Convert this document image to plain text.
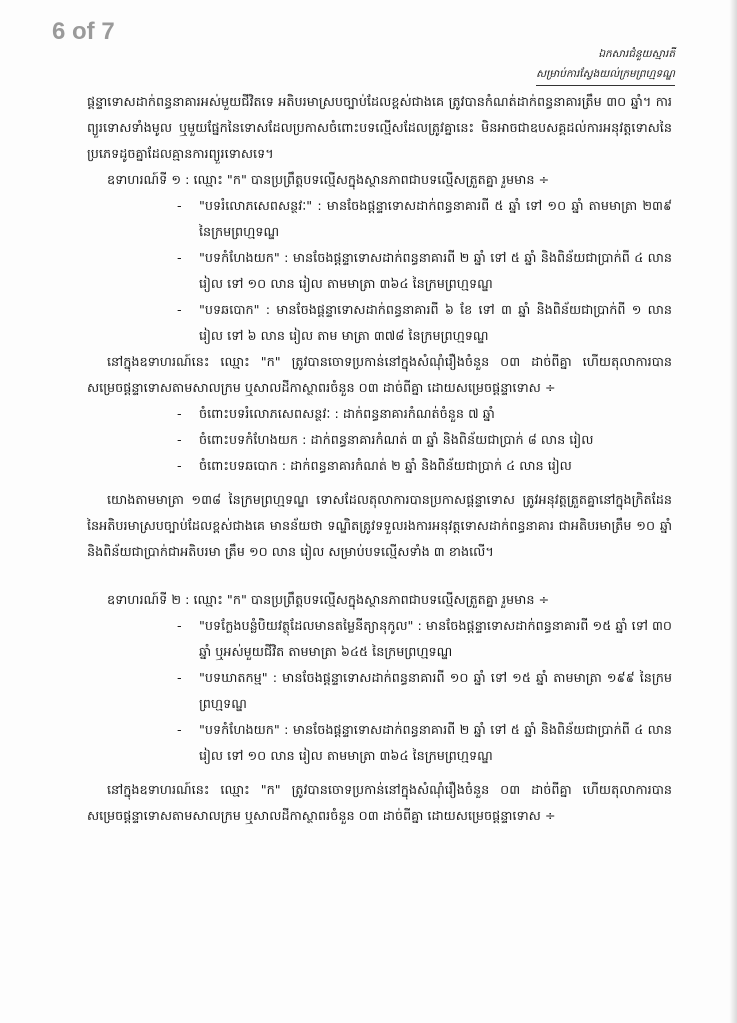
6 of 7
ឯកសារជំនួយស្មារតី
សម្រាប់ការស្វែងយល់ក្រមព្រហ្មទណ្ឌ

ផ្តន្ទាទោសដាក់ពន្ធនាគារអស់មួយជីវិតទេ អតិបរមាស្របច្បាប់ដែលខ្ពស់ជាងគេ ត្រូវបានកំណត់ដាក់ពន្ធនាគារត្រឹម ៣០ ឆ្នាំ។ ការព្យួរទោសទាំងមូល ឬមួយផ្នែកនៃទោសដែលប្រកាសចំពោះបទល្មើសដែលត្រូវគ្នានេះ មិនអាចជាឧបសគ្គដល់ការអនុវត្តទោសនៃប្រភេទដូចគ្នាដែលគ្មានការព្យួរទោសទេ។

ឧទាហរណ៍ទី ១ : ឈ្មោះ "ក" បានប្រព្រឹត្តបទល្មើសក្នុងស្ថានភាពជាបទល្មើសត្រួតគ្នា រួមមាន ÷

- "បទរំលោភសេពសន្ថវៈ" : មានចែងផ្តន្ទាទោសដាក់ពន្ធនាគារពី ៥ ឆ្នាំ ទៅ ១០ ឆ្នាំ តាមមាត្រា ២៣៩ នៃក្រមព្រហ្មទណ្ឌ
- "បទកំហែងយក" : មានចែងផ្តន្ទាទោសដាក់ពន្ធនាគារពី ២ ឆ្នាំ ទៅ ៥ ឆ្នាំ និងពិន័យជាប្រាក់ពី ៤ លាន រៀល ទៅ ១០ លាន រៀល តាមមាត្រា ៣៦៤ នៃក្រមព្រហ្មទណ្ឌ
- "បទឆបោក" : មានចែងផ្តន្ទាទោសដាក់ពន្ធនាគារពី ៦ ខែ ទៅ ៣ ឆ្នាំ និងពិន័យជាប្រាក់ពី ១ លាន រៀល ទៅ ៦ លាន រៀល តាម មាត្រា ៣៧៨ នៃក្រមព្រហ្មទណ្ឌ

នៅក្នុងឧទាហរណ៍នេះ ឈ្មោះ "ក" ត្រូវបានចោទប្រកាន់នៅក្នុងសំណុំរឿងចំនួន ០៣ ដាច់ពីគ្នា ហើយតុលាការបានសម្រេចផ្តន្ទាទោសតាមសាលក្រម ឬសាលដីកាស្ថាពរចំនួន ០៣ ដាច់ពីគ្នា ដោយសម្រេចផ្តន្ទាទោស ÷

- ចំពោះបទរំលោភសេពសន្ថវៈ : ដាក់ពន្ធនាគារកំណត់ចំនួន ៧ ឆ្នាំ
- ចំពោះបទកំហែងយក : ដាក់ពន្ធនាគារកំណត់ ៣ ឆ្នាំ និងពិន័យជាប្រាក់ ៨ លាន រៀល
- ចំពោះបទឆបោក : ដាក់ពន្ធនាគារកំណត់ ២ ឆ្នាំ និងពិន័យជាប្រាក់ ៤ លាន រៀល

យោងតាមមាត្រា ១៣៨ នៃក្រមព្រហ្មទណ្ឌ ទោសដែលតុលាការបានប្រកាសផ្តន្ទាទោស ត្រូវអនុវត្តត្រួតគ្នានៅក្នុងក្រិតដែននៃអតិបរមាស្របច្បាប់ដែលខ្ពស់ជាងគេ មានន័យថា ទណ្ឌិតត្រូវទទួលរងការអនុវត្តទោសដាក់ពន្ធនាគារ ជាអតិបរមាត្រឹម ១០ ឆ្នាំ និងពិន័យជាប្រាក់ជាអតិបរមា ត្រឹម ១០ លាន រៀល សម្រាប់បទល្មើសទាំង ៣ ខាងលើ។

ឧទាហរណ៍ទី ២ : ឈ្មោះ "ក" បានប្រព្រឹត្តបទល្មើសក្នុងស្ថានភាពជាបទល្មើសត្រួតគ្នា រួមមាន ÷

- "បទក្លែងបន្លំបិយវត្ថុដែលមានតម្លៃនីត្យានុកូល" : មានចែងផ្តន្ទាទោសដាក់ពន្ធនាគារពី ១៥ ឆ្នាំ ទៅ ៣០ ឆ្នាំ ឬអស់មួយជីវិត តាមមាត្រា ៦៤៥ នៃក្រមព្រហ្មទណ្ឌ
- "បទឃាតកម្ម" : មានចែងផ្តន្ទាទោសដាក់ពន្ធនាគារពី ១០ ឆ្នាំ ទៅ ១៥ ឆ្នាំ តាមមាត្រា ១៩៩ នៃក្រមព្រហ្មទណ្ឌ
- "បទកំហែងយក" : មានចែងផ្តន្ទាទោសដាក់ពន្ធនាគារពី ២ ឆ្នាំ ទៅ ៥ ឆ្នាំ និងពិន័យជាប្រាក់ពី ៤ លាន រៀល ទៅ ១០ លាន រៀល តាមមាត្រា ៣៦៤ នៃក្រមព្រហ្មទណ្ឌ

នៅក្នុងឧទាហរណ៍នេះ ឈ្មោះ "ក" ត្រូវបានចោទប្រកាន់នៅក្នុងសំណុំរឿងចំនួន ០៣ ដាច់ពីគ្នា ហើយតុលាការបានសម្រេចផ្តន្ទាទោសតាមសាលក្រម ឬសាលដីកាស្ថាពរចំនួន ០៣ ដាច់ពីគ្នា ដោយសម្រេចផ្តន្ទាទោស ÷
